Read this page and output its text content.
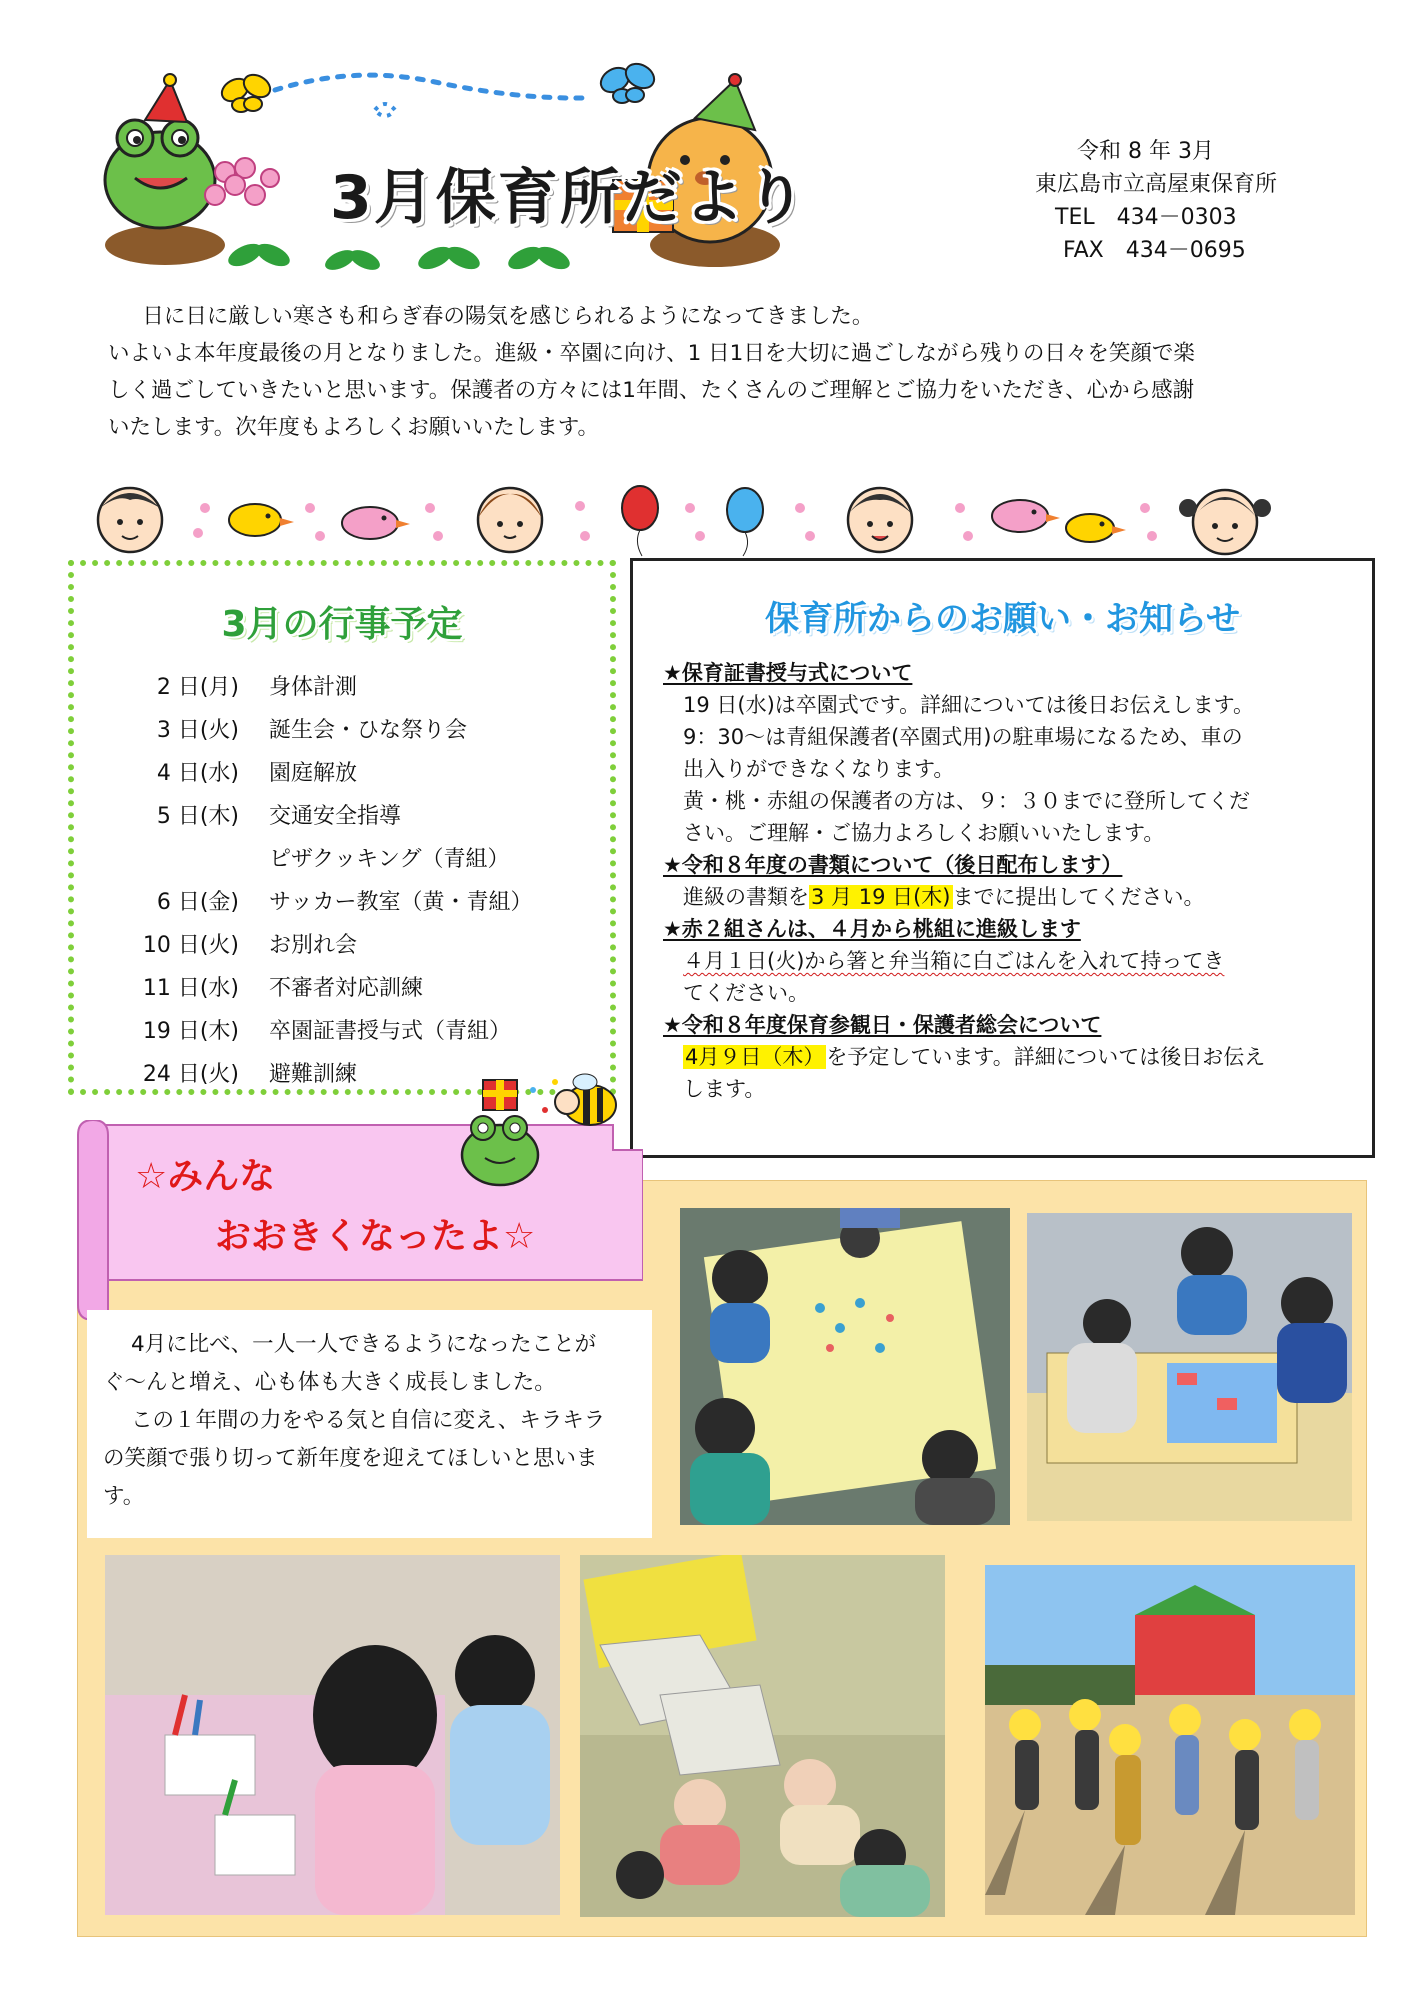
3月保育所だより
令和 8 年 3月
東広島市立高屋東保育所
TEL　434－0303
FAX　434－0695

日に日に厳しい寒さも和らぎ春の陽気を感じられるようになってきました。

いよいよ本年度最後の月となりました。進級・卒園に向け、1 日1日を大切に過ごしながら残りの日々を笑顔で楽

しく過ごしていきたいと思います。保護者の方々には1年間、たくさんのご理解とご協力をいただき、心から感謝

いたします。次年度もよろしくお願いいたします。

3月の行事予定
2 日(月)	身体計測
3 日(火)	誕生会・ひな祭り会
4 日(水)	園庭解放
5 日(木)	交通安全指導
ピザクッキング（青組）
6 日(金)	サッカー教室（黄・青組）
10 日(火)	お別れ会
11 日(水)	不審者対応訓練
19 日(木)	卒園証書授与式（青組）
24 日(火)	避難訓練
保育所からのお願い・お知らせ
★保育証書授与式について
19 日(水)は卒園式です。詳細については後日お伝えします。
9：30～は青組保護者(卒園式用)の駐車場になるため、車の
出入りができなくなります。
黄・桃・赤組の保護者の方は、９：３０までに登所してくだ
さい。ご理解・ご協力よろしくお願いいたします。
★令和８年度の書類について（後日配布します）
進級の書類を3 月 19 日(木)までに提出してください。
★赤２組さんは、４月から桃組に進級します
４月１日(火)から箸と弁当箱に白ごはんを入れて持ってき
てください。
★令和８年度保育参観日・保護者総会について
4月９日（木）を予定しています。詳細については後日お伝え
します。
☆みんな
おおきくなったよ☆

4月に比べ、一人一人できるようになったことが

ぐ～んと増え、心も体も大きく成長しました。

この１年間の力をやる気と自信に変え、キラキラ

の笑顔で張り切って新年度を迎えてほしいと思いま

す。
